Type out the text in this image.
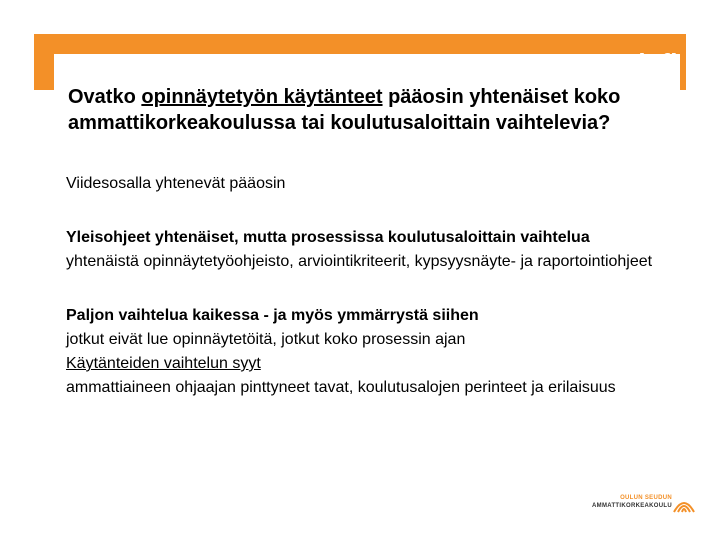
oamk.fi
Ovatko opinnäytetyön käytänteet pääosin yhtenäiset koko ammattikorkeakoulussa tai koulutusaloittain vaihtelevia?

Viidesosalla yhtenevät pääosin

Yleisohjeet yhtenäiset, mutta prosessissa koulutusaloittain vaihtelua

yhtenäistä opinnäytetyöohjeisto, arviointikriteerit, kypsyysnäyte- ja raportointiohjeet

Paljon vaihtelua kaikessa - ja myös ymmärrystä siihen

jotkut eivät lue opinnäytetöitä, jotkut koko prosessin ajan

Käytänteiden vaihtelun syyt

ammattiaineen ohjaajan pinttyneet tavat, koulutusalojen perinteet ja erilaisuus

OULUN SEUDUN
AMMATTIKORKEAKOULU
